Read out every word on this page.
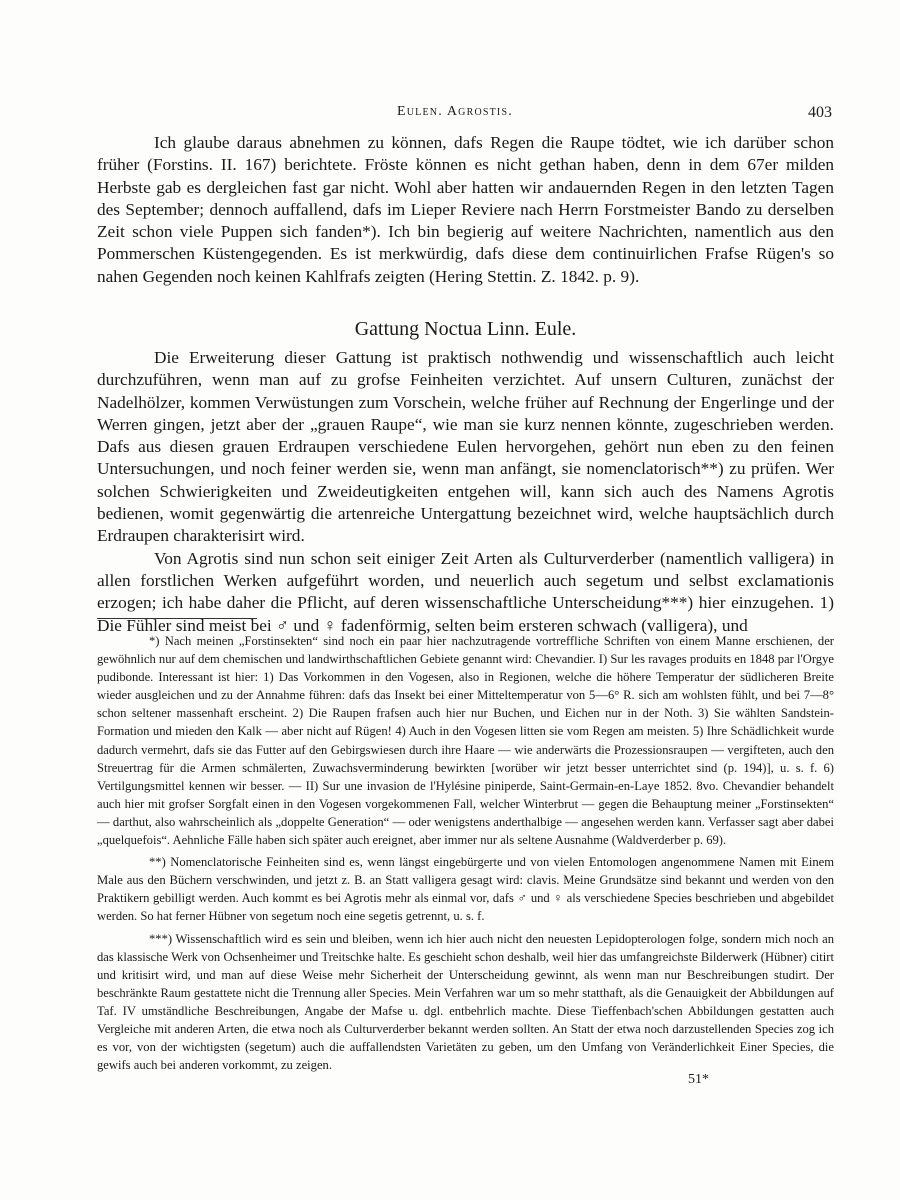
Eulen. Agrostis.	403

Ich glaube daraus abnehmen zu können, dafs Regen die Raupe tödtet, wie ich darüber schon früher (Forstins. II. 167) berichtete. Fröste können es nicht gethan haben, denn in dem 67er milden Herbste gab es dergleichen fast gar nicht. Wohl aber hatten wir andauernden Regen in den letzten Tagen des September; dennoch auffallend, dafs im Lieper Reviere nach Herrn Forstmeister Bando zu derselben Zeit schon viele Puppen sich fanden*). Ich bin begierig auf weitere Nachrichten, namentlich aus den Pommerschen Küstengegenden. Es ist merkwürdig, dafs diese dem continuirlichen Frafse Rügen's so nahen Gegenden noch keinen Kahlfrafs zeigten (Hering Stettin. Z. 1842. p. 9).

Gattung Noctua Linn. Eule.

Die Erweiterung dieser Gattung ist praktisch nothwendig und wissenschaftlich auch leicht durchzuführen, wenn man auf zu grofse Feinheiten verzichtet. Auf unsern Culturen, zunächst der Nadelhölzer, kommen Verwüstungen zum Vorschein, welche früher auf Rechnung der Engerlinge und der Werren gingen, jetzt aber der „grauen Raupe“, wie man sie kurz nennen könnte, zugeschrieben werden. Dafs aus diesen grauen Erdraupen verschiedene Eulen hervorgehen, gehört nun eben zu den feinen Untersuchungen, und noch feiner werden sie, wenn man anfängt, sie nomenclatorisch**) zu prüfen. Wer solchen Schwierigkeiten und Zweideutigkeiten entgehen will, kann sich auch des Namens Agrotis bedienen, womit gegenwärtig die artenreiche Untergattung bezeichnet wird, welche hauptsächlich durch Erdraupen charakterisirt wird.

Von Agrotis sind nun schon seit einiger Zeit Arten als Culturverderber (namentlich valligera) in allen forstlichen Werken aufgeführt worden, und neuerlich auch segetum und selbst exclamationis erzogen; ich habe daher die Pflicht, auf deren wissenschaftliche Unterscheidung***) hier einzugehen. 1) Die Fühler sind meist bei ♂ und ♀ fadenförmig, selten beim ersteren schwach (valligera), und

*) Nach meinen „Forstinsekten“ sind noch ein paar hier nachzutragende vortreffliche Schriften von einem Manne erschienen, der gewöhnlich nur auf dem chemischen und landwirthschaftlichen Gebiete genannt wird: Chevandier. I) Sur les ravages produits en 1848 par l'Orgye pudibonde. Interessant ist hier: 1) Das Vorkommen in den Vogesen, also in Regionen, welche die höhere Temperatur der südlicheren Breite wieder ausgleichen und zu der Annahme führen: dafs das Insekt bei einer Mitteltemperatur von 5—6° R. sich am wohlsten fühlt, und bei 7—8° schon seltener massenhaft erscheint. 2) Die Raupen frafsen auch hier nur Buchen, und Eichen nur in der Noth. 3) Sie wählten Sandstein-Formation und mieden den Kalk — aber nicht auf Rügen! 4) Auch in den Vogesen litten sie vom Regen am meisten. 5) Ihre Schädlichkeit wurde dadurch vermehrt, dafs sie das Futter auf den Gebirgswiesen durch ihre Haare — wie anderwärts die Prozessionsraupen — vergifteten, auch den Streuertrag für die Armen schmälerten, Zuwachsverminderung bewirkten [worüber wir jetzt besser unterrichtet sind (p. 194)], u. s. f. 6) Vertilgungsmittel kennen wir besser. — II) Sur une invasion de l'Hylésine piniperde, Saint-Germain-en-Laye 1852. 8vo. Chevandier behandelt auch hier mit grofser Sorgfalt einen in den Vogesen vorgekommenen Fall, welcher Winterbrut — gegen die Behauptung meiner „Forstinsekten“ — darthut, also wahrscheinlich als „doppelte Generation“ — oder wenigstens anderthalbige — angesehen werden kann. Verfasser sagt aber dabei „quelquefois“. Aehnliche Fälle haben sich später auch ereignet, aber immer nur als seltene Ausnahme (Waldverderber p. 69).

**) Nomenclatorische Feinheiten sind es, wenn längst eingebürgerte und von vielen Entomologen angenommene Namen mit Einem Male aus den Büchern verschwinden, und jetzt z. B. an Statt valligera gesagt wird: clavis. Meine Grundsätze sind bekannt und werden von den Praktikern gebilligt werden. Auch kommt es bei Agrotis mehr als einmal vor, dafs ♂ und ♀ als verschiedene Species beschrieben und abgebildet werden. So hat ferner Hübner von segetum noch eine segetis getrennt, u. s. f.

***) Wissenschaftlich wird es sein und bleiben, wenn ich hier auch nicht den neuesten Lepidopterologen folge, sondern mich noch an das klassische Werk von Ochsenheimer und Treitschke halte. Es geschieht schon deshalb, weil hier das umfangreichste Bilderwerk (Hübner) citirt und kritisirt wird, und man auf diese Weise mehr Sicherheit der Unterscheidung gewinnt, als wenn man nur Beschreibungen studirt. Der beschränkte Raum gestattete nicht die Trennung aller Species. Mein Verfahren war um so mehr statthaft, als die Genauigkeit der Abbildungen auf Taf. IV umständliche Beschreibungen, Angabe der Mafse u. dgl. entbehrlich machte. Diese Tieffenbach'schen Abbildungen gestatten auch Vergleiche mit anderen Arten, die etwa noch als Culturverderber bekannt werden sollten. An Statt der etwa noch darzustellenden Species zog ich es vor, von der wichtigsten (segetum) auch die auffallendsten Varietäten zu geben, um den Umfang von Veränderlichkeit Einer Species, die gewifs auch bei anderen vorkommt, zu zeigen.

51*
